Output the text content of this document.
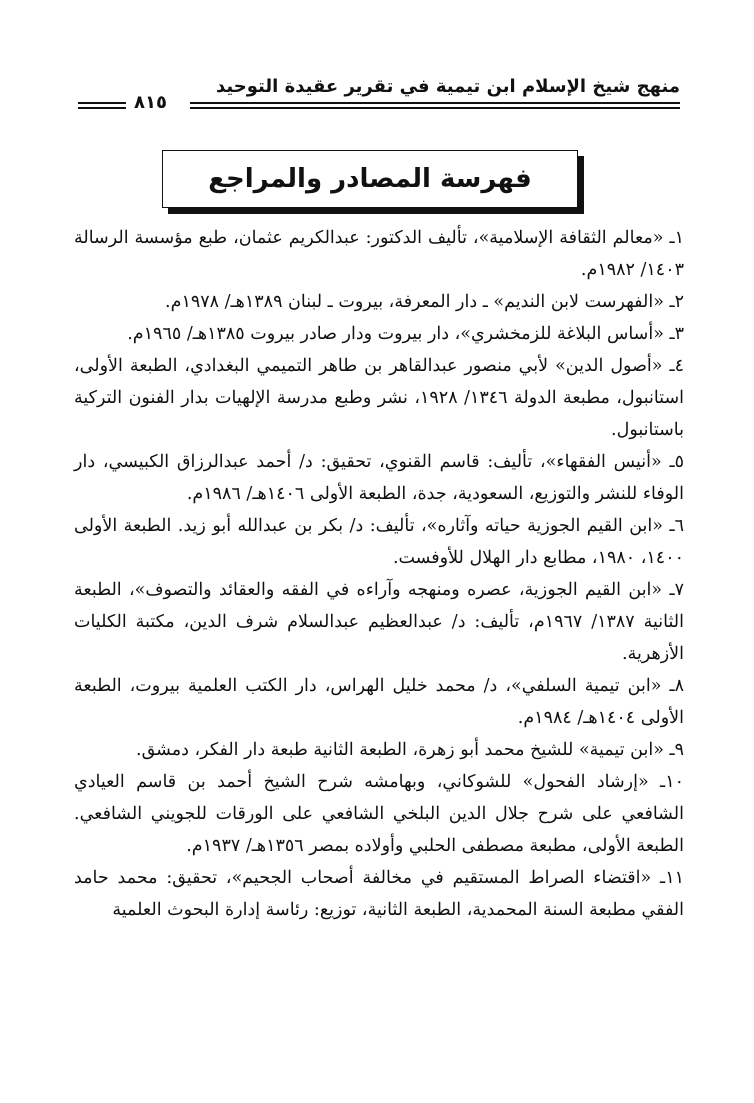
منهج شيخ الإسلام ابن تيمية في تقرير عقيدة التوحيد
٨١٥
فهرسة المصادر والمراجع

١ـ «معالم الثقافة الإسلامية»، تأليف الدكتور: عبدالكريم عثمان، طبع مؤسسة الرسالة ١٤٠٣/ ١٩٨٢م.

٢ـ «الفهرست لابن النديم» ـ دار المعرفة، بيروت ـ لبنان ١٣٨٩هـ/ ١٩٧٨م.

٣ـ «أساس البلاغة للزمخشري»، دار بيروت ودار صادر بيروت ١٣٨٥هـ/ ١٩٦٥م.

٤ـ «أصول الدين» لأبي منصور عبدالقاهر بن طاهر التميمي البغدادي، الطبعة الأولى، استانبول، مطبعة الدولة ١٣٤٦/ ١٩٢٨، نشر وطبع مدرسة الإلهيات بدار الفنون التركية باستانبول.

٥ـ «أنيس الفقهاء»، تأليف: قاسم القنوي، تحقيق: د/ أحمد عبدالرزاق الكبيسي، دار الوفاء للنشر والتوزيع، السعودية، جدة، الطبعة الأولى ١٤٠٦هـ/ ١٩٨٦م.

٦ـ «ابن القيم الجوزية حياته وآثاره»، تأليف: د/ بكر بن عبدالله أبو زيد. الطبعة الأولى ١٤٠٠، ١٩٨٠، مطابع دار الهلال للأوفست.

٧ـ «ابن القيم الجوزية، عصره ومنهجه وآراءه في الفقه والعقائد والتصوف»، الطبعة الثانية ١٣٨٧/ ١٩٦٧م، تأليف: د/ عبدالعظيم عبدالسلام شرف الدين، مكتبة الكليات الأزهرية.

٨ـ «ابن تيمية السلفي»، د/ محمد خليل الهراس، دار الكتب العلمية بيروت، الطبعة الأولى ١٤٠٤هـ/ ١٩٨٤م.

٩ـ «ابن تيمية» للشيخ محمد أبو زهرة، الطبعة الثانية طبعة دار الفكر، دمشق.

١٠ـ «إرشاد الفحول» للشوكاني، وبهامشه شرح الشيخ أحمد بن قاسم العيادي الشافعي على شرح جلال الدين البلخي الشافعي على الورقات للجويني الشافعي. الطبعة الأولى، مطبعة مصطفى الحلبي وأولاده بمصر ١٣٥٦هـ/ ١٩٣٧م.

١١ـ «اقتضاء الصراط المستقيم في مخالفة أصحاب الجحيم»، تحقيق: محمد حامد الفقي مطبعة السنة المحمدية، الطبعة الثانية، توزيع: رئاسة إدارة البحوث العلمية
